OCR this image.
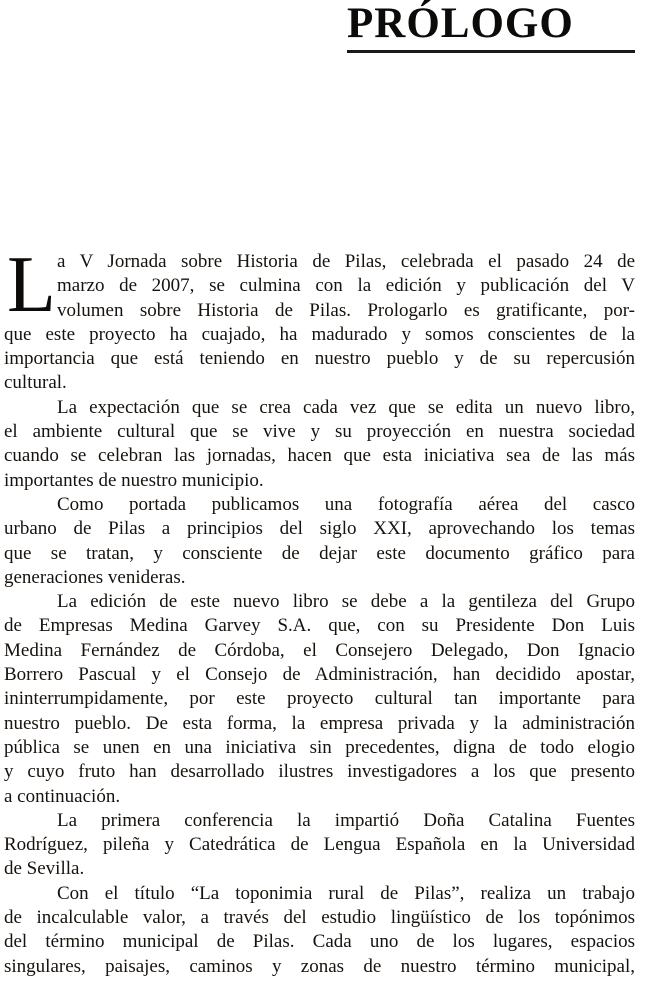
PRÓLOGO
L a V Jornada sobre Historia de Pilas, celebrada el pasado 24 de
marzo de 2007, se culmina con la edición y publicación del V
volumen sobre Historia de Pilas. Prologarlo es gratificante, por-
que este proyecto ha cuajado, ha madurado y somos conscientes de la
importancia que está teniendo en nuestro pueblo y de su repercusión
cultural.
La expectación que se crea cada vez que se edita un nuevo libro,
el ambiente cultural que se vive y su proyección en nuestra sociedad
cuando se celebran las jornadas, hacen que esta iniciativa sea de las más
importantes de nuestro municipio.
Como portada publicamos una fotografía aérea del casco
urbano de Pilas a principios del siglo XXI, aprovechando los temas
que se tratan, y consciente de dejar este documento gráfico para
generaciones venideras.
La edición de este nuevo libro se debe a la gentileza del Grupo
de Empresas Medina Garvey S.A. que, con su Presidente Don Luis
Medina Fernández de Córdoba, el Consejero Delegado, Don Ignacio
Borrero Pascual y el Consejo de Administración, han decidido apostar,
ininterrumpidamente, por este proyecto cultural tan importante para
nuestro pueblo. De esta forma, la empresa privada y la administración
pública se unen en una iniciativa sin precedentes, digna de todo elogio
y cuyo fruto han desarrollado ilustres investigadores a los que presento
a continuación.
La primera conferencia la impartió Doña Catalina Fuentes
Rodríguez, pileña y Catedrática de Lengua Española en la Universidad
de Sevilla.
Con el título “La toponimia rural de Pilas”, realiza un trabajo
de incalculable valor, a través del estudio lingüístico de los topónimos
del término municipal de Pilas. Cada uno de los lugares, espacios
singulares, paisajes, caminos y zonas de nuestro término municipal,
